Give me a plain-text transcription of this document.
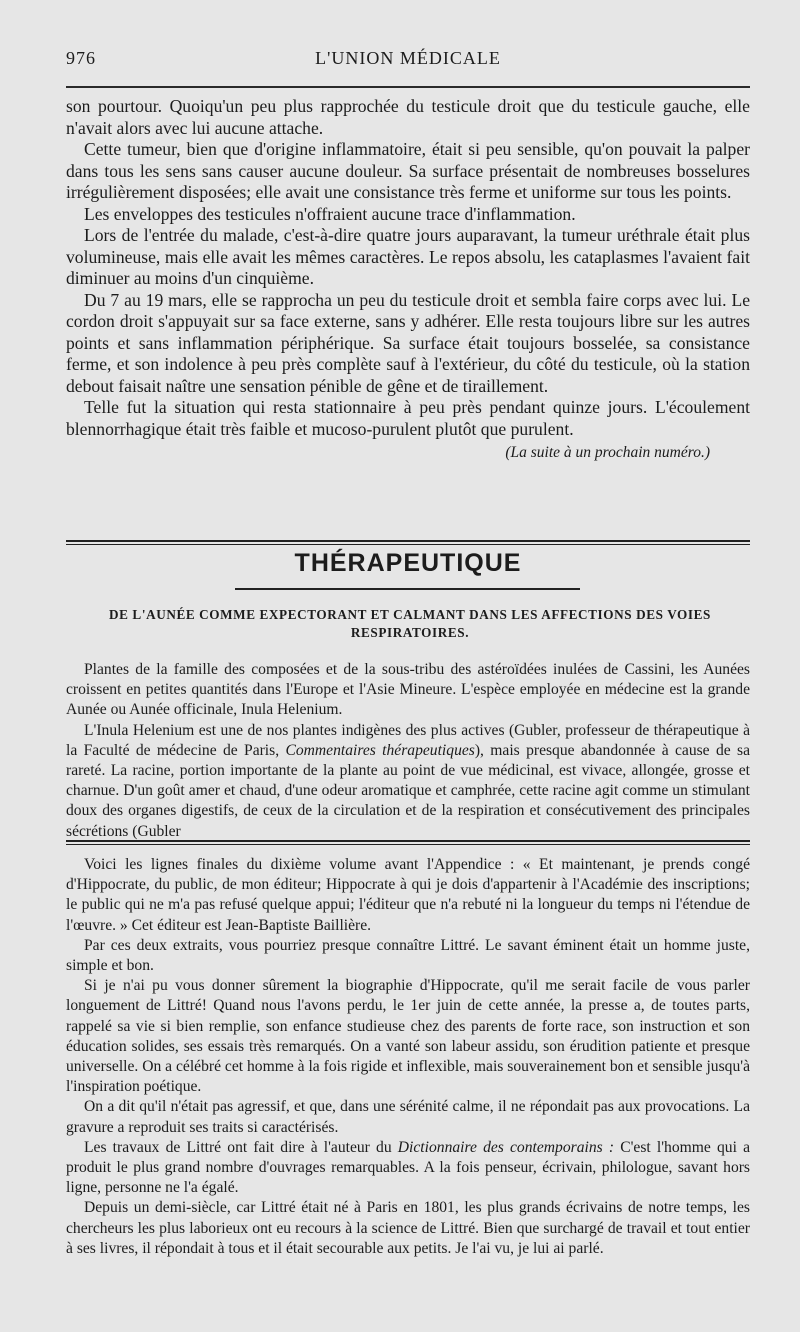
976	L'UNION MÉDICALE

son pourtour. Quoiqu'un peu plus rapprochée du testicule droit que du testicule gauche, elle n'avait alors avec lui aucune attache.

Cette tumeur, bien que d'origine inflammatoire, était si peu sensible, qu'on pouvait la palper dans tous les sens sans causer aucune douleur. Sa surface présentait de nombreuses bosselures irrégulièrement disposées; elle avait une consistance très ferme et uniforme sur tous les points.

Les enveloppes des testicules n'offraient aucune trace d'inflammation.

Lors de l'entrée du malade, c'est-à-dire quatre jours auparavant, la tumeur uréthrale était plus volumineuse, mais elle avait les mêmes caractères. Le repos absolu, les cataplasmes l'avaient fait diminuer au moins d'un cinquième.

Du 7 au 19 mars, elle se rapprocha un peu du testicule droit et sembla faire corps avec lui. Le cordon droit s'appuyait sur sa face externe, sans y adhérer. Elle resta toujours libre sur les autres points et sans inflammation périphérique. Sa surface était toujours bosselée, sa consistance ferme, et son indolence à peu près complète sauf à l'extérieur, du côté du testicule, où la station debout faisait naître une sensation pénible de gêne et de tiraillement.

Telle fut la situation qui resta stationnaire à peu près pendant quinze jours. L'écoulement blennorrhagique était très faible et mucoso-purulent plutôt que purulent.

(La suite à un prochain numéro.)
THÉRAPEUTIQUE
DE L'AUNÉE COMME EXPECTORANT ET CALMANT DANS LES AFFECTIONS DES VOIES RESPIRATOIRES.

Plantes de la famille des composées et de la sous-tribu des astéroïdées inulées de Cassini, les Aunées croissent en petites quantités dans l'Europe et l'Asie Mineure. L'espèce employée en médecine est la grande Aunée ou Aunée officinale, Inula Helenium.

L'Inula Helenium est une de nos plantes indigènes des plus actives (Gubler, professeur de thérapeutique à la Faculté de médecine de Paris, Commentaires thérapeutiques), mais presque abandonnée à cause de sa rareté. La racine, portion importante de la plante au point de vue médicinal, est vivace, allongée, grosse et charnue. D'un goût amer et chaud, d'une odeur aromatique et camphrée, cette racine agit comme un stimulant doux des organes digestifs, de ceux de la circulation et de la respiration et consécutivement des principales sécrétions (Gubler

Voici les lignes finales du dixième volume avant l'Appendice : « Et maintenant, je prends congé d'Hippocrate, du public, de mon éditeur; Hippocrate à qui je dois d'appartenir à l'Académie des inscriptions; le public qui ne m'a pas refusé quelque appui; l'éditeur que n'a rebuté ni la longueur du temps ni l'étendue de l'œuvre. » Cet éditeur est Jean-Baptiste Baillière.

Par ces deux extraits, vous pourriez presque connaître Littré. Le savant éminent était un homme juste, simple et bon.

Si je n'ai pu vous donner sûrement la biographie d'Hippocrate, qu'il me serait facile de vous parler longuement de Littré! Quand nous l'avons perdu, le 1er juin de cette année, la presse a, de toutes parts, rappelé sa vie si bien remplie, son enfance studieuse chez des parents de forte race, son instruction et son éducation solides, ses essais très remarqués. On a vanté son labeur assidu, son érudition patiente et presque universelle. On a célébré cet homme à la fois rigide et inflexible, mais souverainement bon et sensible jusqu'à l'inspiration poétique.

On a dit qu'il n'était pas agressif, et que, dans une sérénité calme, il ne répondait pas aux provocations. La gravure a reproduit ses traits si caractérisés.

Les travaux de Littré ont fait dire à l'auteur du Dictionnaire des contemporains : C'est l'homme qui a produit le plus grand nombre d'ouvrages remarquables. A la fois penseur, écrivain, philologue, savant hors ligne, personne ne l'a égalé.

Depuis un demi-siècle, car Littré était né à Paris en 1801, les plus grands écrivains de notre temps, les chercheurs les plus laborieux ont eu recours à la science de Littré. Bien que surchargé de travail et tout entier à ses livres, il répondait à tous et il était secourable aux petits. Je l'ai vu, je lui ai parlé.
